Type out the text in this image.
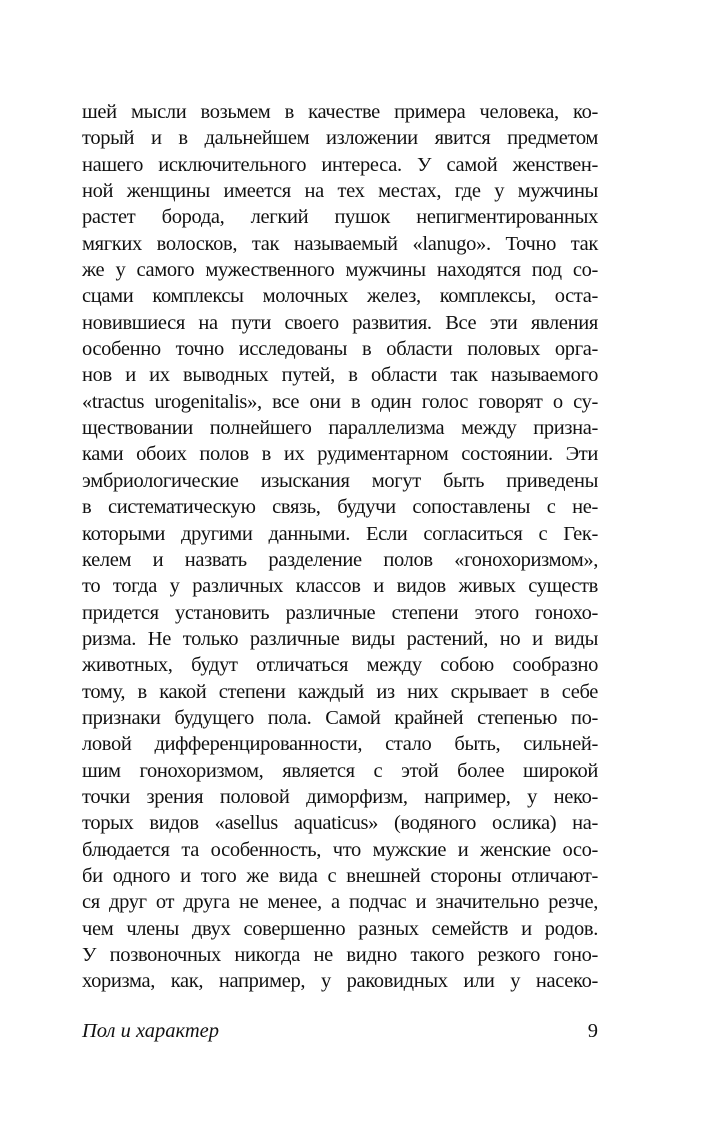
шей мысли возьмем в качестве примера человека, ко-
торый и в дальнейшем изложении явится предметом
нашего исключительного интереса. У самой женствен-
ной женщины имеется на тех местах, где у мужчины
растет борода, легкий пушок непигментированных
мягких волосков, так называемый «lanugo». Точно так
же у самого мужественного мужчины находятся под со-
сцами комплексы молочных желез, комплексы, оста-
новившиеся на пути своего развития. Все эти явления
особенно точно исследованы в области половых орга-
нов и их выводных путей, в области так называемого
«tractus urogenitalis», все они в один голос говорят о су-
ществовании полнейшего параллелизма между призна-
ками обоих полов в их рудиментарном состоянии. Эти
эмбриологические изыскания могут быть приведены
в систематическую связь, будучи сопоставлены с не-
которыми другими данными. Если согласиться с Гек-
келем и назвать разделение полов «гонохоризмом»,
то тогда у различных классов и видов живых существ
придется установить различные степени этого гонохо-
ризма. Не только различные виды растений, но и виды
животных, будут отличаться между собою сообразно
тому, в какой степени каждый из них скрывает в себе
признаки будущего пола. Самой крайней степенью по-
ловой дифференцированности, стало быть, сильней-
шим гонохоризмом, является с этой более широкой
точки зрения половой диморфизм, например, у неко-
торых видов «asellus aquaticus» (водяного ослика) на-
блюдается та особенность, что мужские и женские осо-
би одного и того же вида с внешней стороны отличают-
ся друг от друга не менее, а подчас и значительно резче,
чем члены двух совершенно разных семейств и родов.
У позвоночных никогда не видно такого резкого гоно-
хоризма, как, например, у раковидных или у насеко-
Пол и характер	9
